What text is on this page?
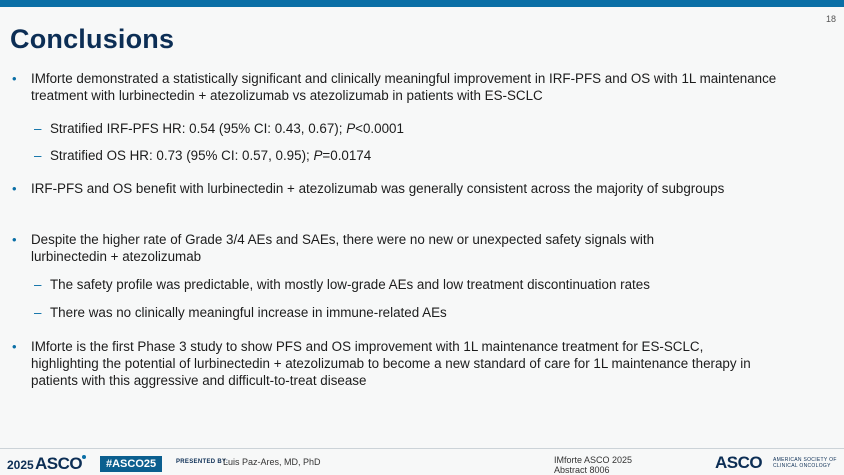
18
Conclusions
•	IMforte demonstrated a statistically significant and clinically meaningful improvement in IRF-PFS and OS with 1L maintenance treatment with lurbinectedin + atezolizumab vs atezolizumab in patients with ES-SCLC
– Stratified IRF-PFS HR: 0.54 (95% CI: 0.43, 0.67); P<0.0001
– Stratified OS HR: 0.73 (95% CI: 0.57, 0.95); P=0.0174
•	IRF-PFS and OS benefit with lurbinectedin + atezolizumab was generally consistent across the majority of subgroups
•	Despite the higher rate of Grade 3/4 AEs and SAEs, there were no new or unexpected safety signals with lurbinectedin + atezolizumab
– The safety profile was predictable, with mostly low-grade AEs and low treatment discontinuation rates
– There was no clinically meaningful increase in immune-related AEs
•	IMforte is the first Phase 3 study to show PFS and OS improvement with 1L maintenance treatment for ES-SCLC, highlighting the potential of lurbinectedin + atezolizumab to become a new standard of care for 1L maintenance therapy in patients with this aggressive and difficult-to-treat disease
2025 ASCO	#ASCO25	PRESENTED BY:
Luis Paz-Ares, MD, PhD	IMforte ASCO 2025
Abstract 8006	ASCO AMERICAN SOCIETY OF
CLINICAL ONCOLOGY
